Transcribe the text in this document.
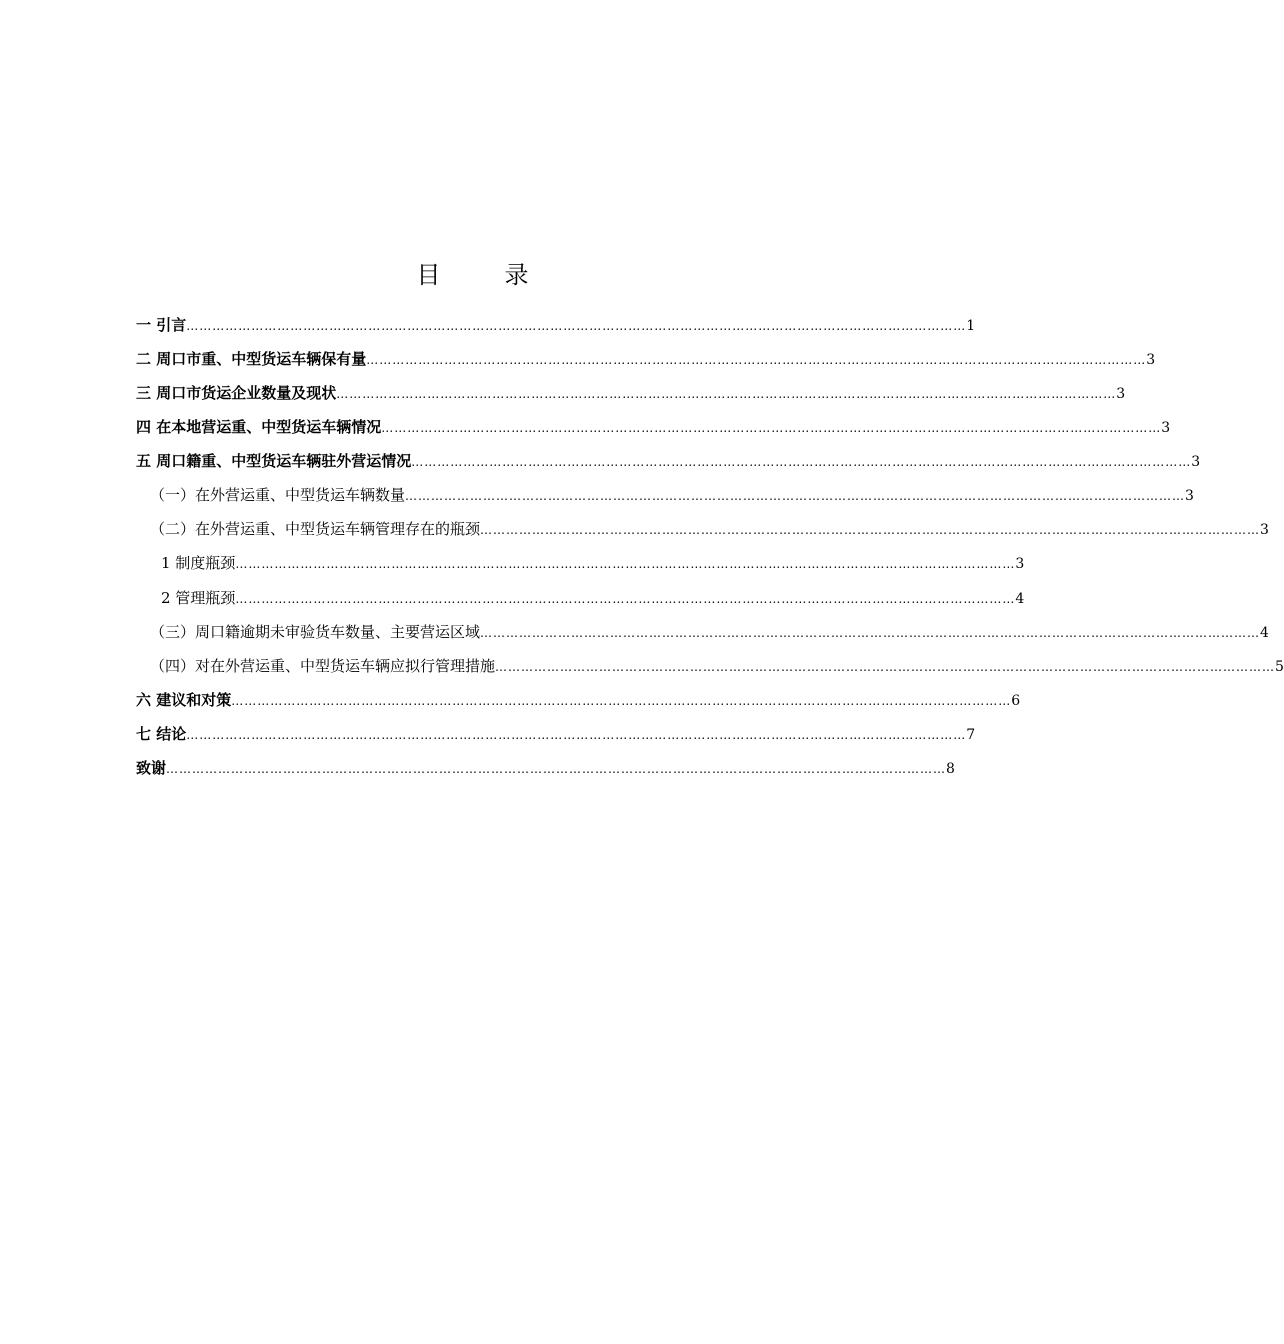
目　录
一 引言 ……………………………………………………………………………………………………………………………………………………………… 1
二 周口市重、中型货运车辆保有量 ……………………………………………………………………………………………………………………………………………………………… 3
三 周口市货运企业数量及现状 ……………………………………………………………………………………………………………………………………………………………… 3
四 在本地营运重、中型货运车辆情况 ……………………………………………………………………………………………………………………………………………………………… 3
五 周口籍重、中型货运车辆驻外营运情况 ……………………………………………………………………………………………………………………………………………………………… 3
（一）在外营运重、中型货运车辆数量 ……………………………………………………………………………………………………………………………………………………………… 3
（二）在外营运重、中型货运车辆管理存在的瓶颈 ……………………………………………………………………………………………………………………………………………………………… 3
1 制度瓶颈 ……………………………………………………………………………………………………………………………………………………………… 3
2 管理瓶颈 ……………………………………………………………………………………………………………………………………………………………… 4
（三）周口籍逾期未审验货车数量、主要营运区域 ……………………………………………………………………………………………………………………………………………………………… 4
（四）对在外营运重、中型货运车辆应拟行管理措施 ……………………………………………………………………………………………………………………………………………………………… 5
六 建议和对策 ……………………………………………………………………………………………………………………………………………………………… 6
七 结论 ……………………………………………………………………………………………………………………………………………………………… 7
致谢 ……………………………………………………………………………………………………………………………………………………………… 8
